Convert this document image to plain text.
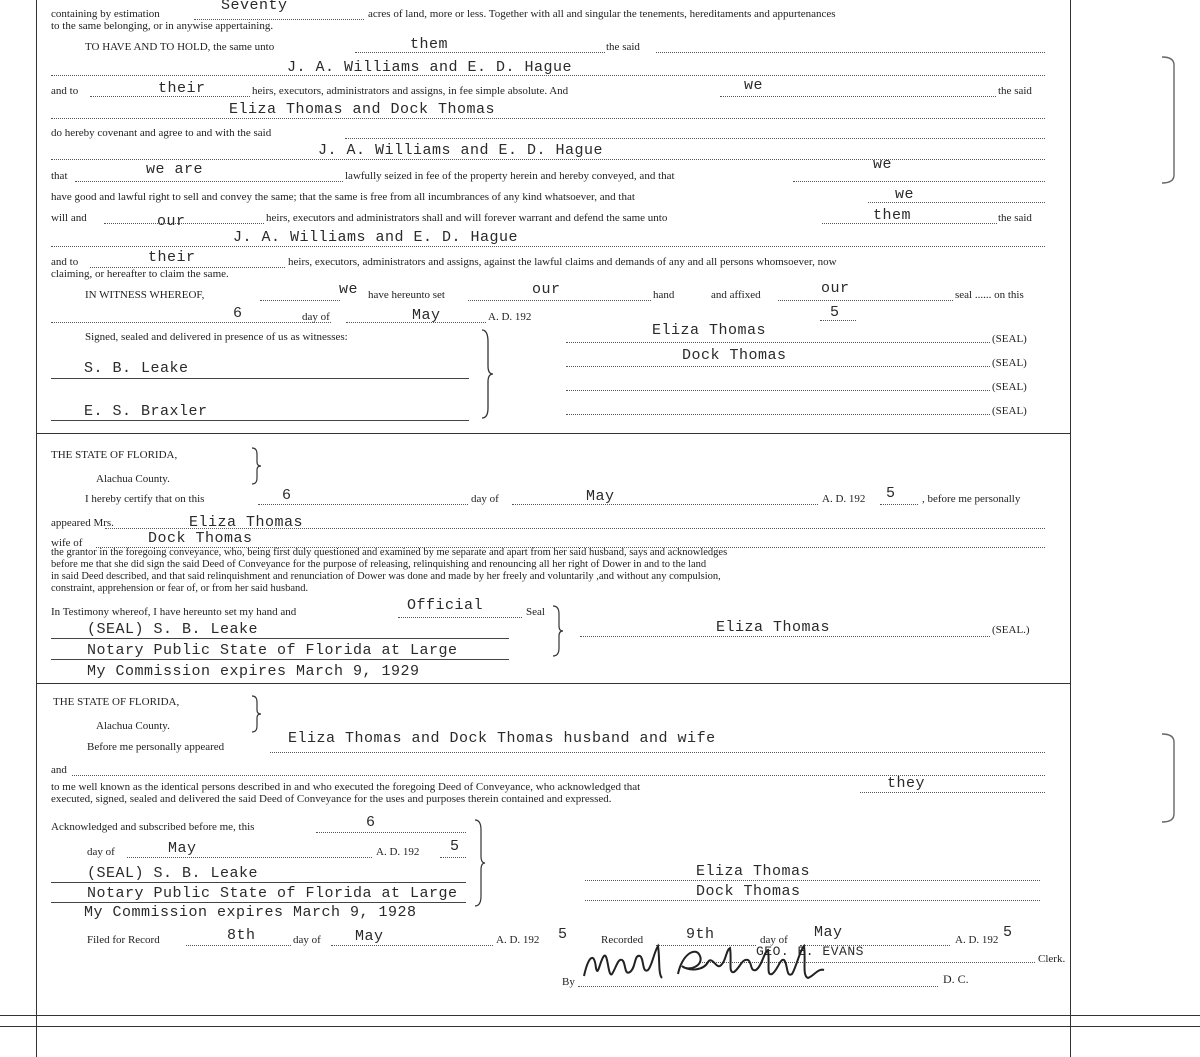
containing by estimation	Seventy	acres of land, more or less. Together with all and singular the tenements, hereditaments and appurtenances
to the same belonging, or in anywise appertaining.
TO HAVE AND TO HOLD, the same unto	them	the said
J. A. Williams and E. D. Hague
and to	their	heirs, executors, administrators and assigns, in fee simple absolute. And	we	the said
Eliza Thomas and Dock Thomas
do hereby covenant and agree to and with the said
J. A. Williams and E. D. Hague
that	we are	lawfully seized in fee of the property herein and hereby conveyed, and that
we
have good and lawful right to sell and convey the same; that the same is free from all incumbrances of any kind whatsoever, and that	we
will and	our	heirs, executors and administrators shall and will forever warrant and defend the same unto	them	the said
J. A. Williams and E. D. Hague
and to	their	heirs, executors, administrators and assigns, against the lawful claims and demands of any and all persons whomsoever, now
claiming, or hereafter to claim the same.
IN WITNESS WHEREOF,	we have hereunto set	our	hand	and affixed	our	seal ...... on this
6	day of	May	A. D. 192	5
Signed, sealed and delivered in presence of us as witnesses:
S. B. Leake
E. S. Braxler
Eliza Thomas	(SEAL)
Dock Thomas	(SEAL)
(SEAL)
(SEAL)
THE STATE OF FLORIDA,
Alachua County.
I hereby certify that on this	6	day of	May	A. D. 192 5 , before me personally
appeared Mrs.	Eliza Thomas
wife of	Dock Thomas
the grantor in the foregoing conveyance, who, being first duly questioned and examined by me separate and apart from her said husband, says and acknowledges
before me that she did sign the said Deed of Conveyance for the purpose of releasing, relinquishing and renouncing all her right of Dower in and to the land
in said Deed described, and that said relinquishment and renunciation of Dower was done and made by her freely and voluntarily ,and without any compulsion,
constraint, apprehension or fear of, or from her said husband.
In Testimony whereof, I have hereunto set my hand and	Official	Seal
(SEAL) S. B. Leake
Notary Public State of Florida at Large
My Commission expires March 9, 1929
Eliza Thomas	(SEAL.)
THE STATE OF FLORIDA,
Alachua County.
Before me personally appeared	Eliza Thomas and Dock Thomas husband and wife
and
to me well known as the identical persons described in and who executed the foregoing Deed of Conveyance, who acknowledged that	they
executed, signed, sealed and delivered the said Deed of Conveyance for the uses and purposes therein contained and expressed.
Acknowledged and subscribed before me, this	6
day of	May	A. D. 192 5
(SEAL) S. B. Leake
Notary Public State of Florida at Large
My Commission expires March 9, 1928
Eliza Thomas
Dock Thomas
Filed for Record	8th	day of May	A. D. 192 5	Recorded	9th	day of May	A. D. 192 5
GEO. E. EVANS	Clerk.
By	D. C.
